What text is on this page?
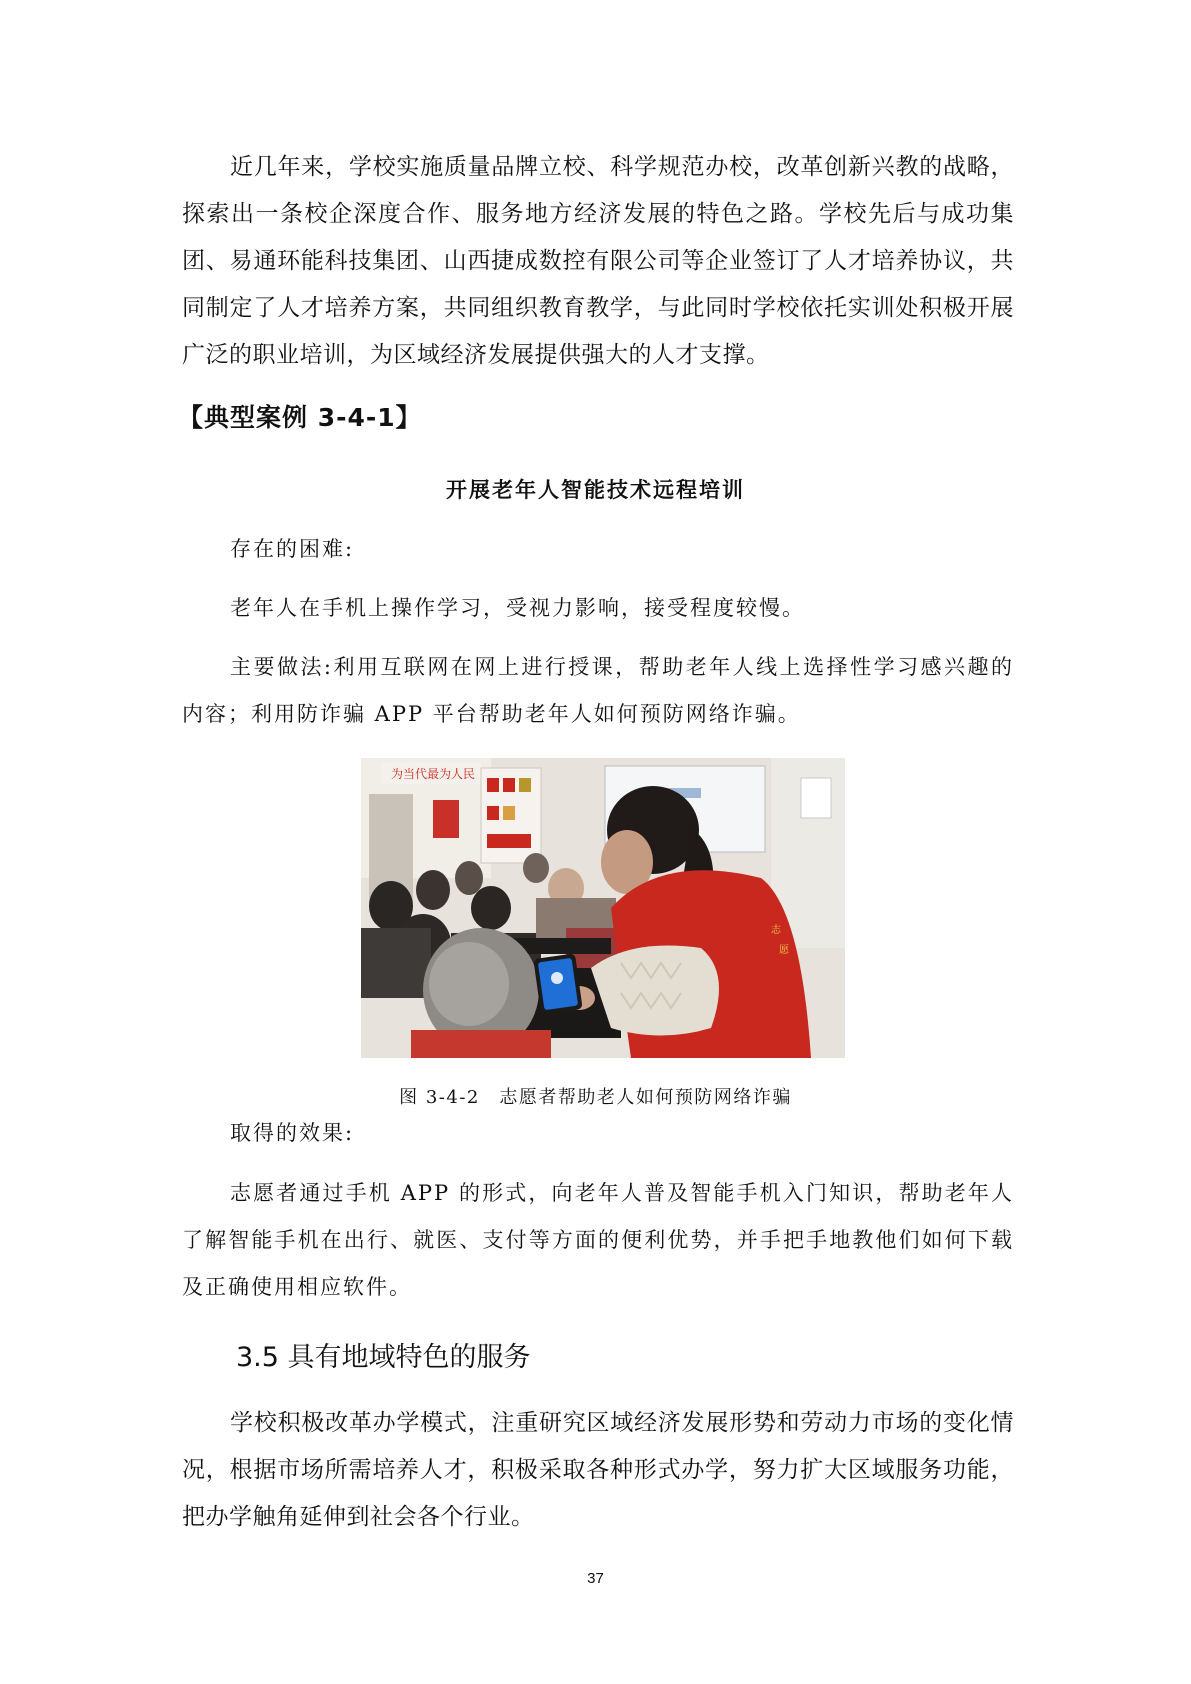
近几年来，学校实施质量品牌立校、科学规范办校，改革创新兴教的战略，探索出一条校企深度合作、服务地方经济发展的特色之路。学校先后与成功集团、易通环能科技集团、山西捷成数控有限公司等企业签订了人才培养协议，共同制定了人才培养方案，共同组织教育教学，与此同时学校依托实训处积极开展广泛的职业培训，为区域经济发展提供强大的人才支撑。

【典型案例 3-4-1】

开展老年人智能技术远程培训

存在的困难:

老年人在手机上操作学习，受视力影响，接受程度较慢。

主要做法:利用互联网在网上进行授课，帮助老年人线上选择性学习感兴趣的内容；利用防诈骗 APP 平台帮助老年人如何预防网络诈骗。

为当代最为人民
志
愿

图 3-4-2　志愿者帮助老人如何预防网络诈骗

取得的效果:

志愿者通过手机 APP 的形式，向老年人普及智能手机入门知识，帮助老年人了解智能手机在出行、就医、支付等方面的便利优势，并手把手地教他们如何下载及正确使用相应软件。

3.5 具有地域特色的服务

学校积极改革办学模式，注重研究区域经济发展形势和劳动力市场的变化情况，根据市场所需培养人才，积极采取各种形式办学，努力扩大区域服务功能，把办学触角延伸到社会各个行业。

37
